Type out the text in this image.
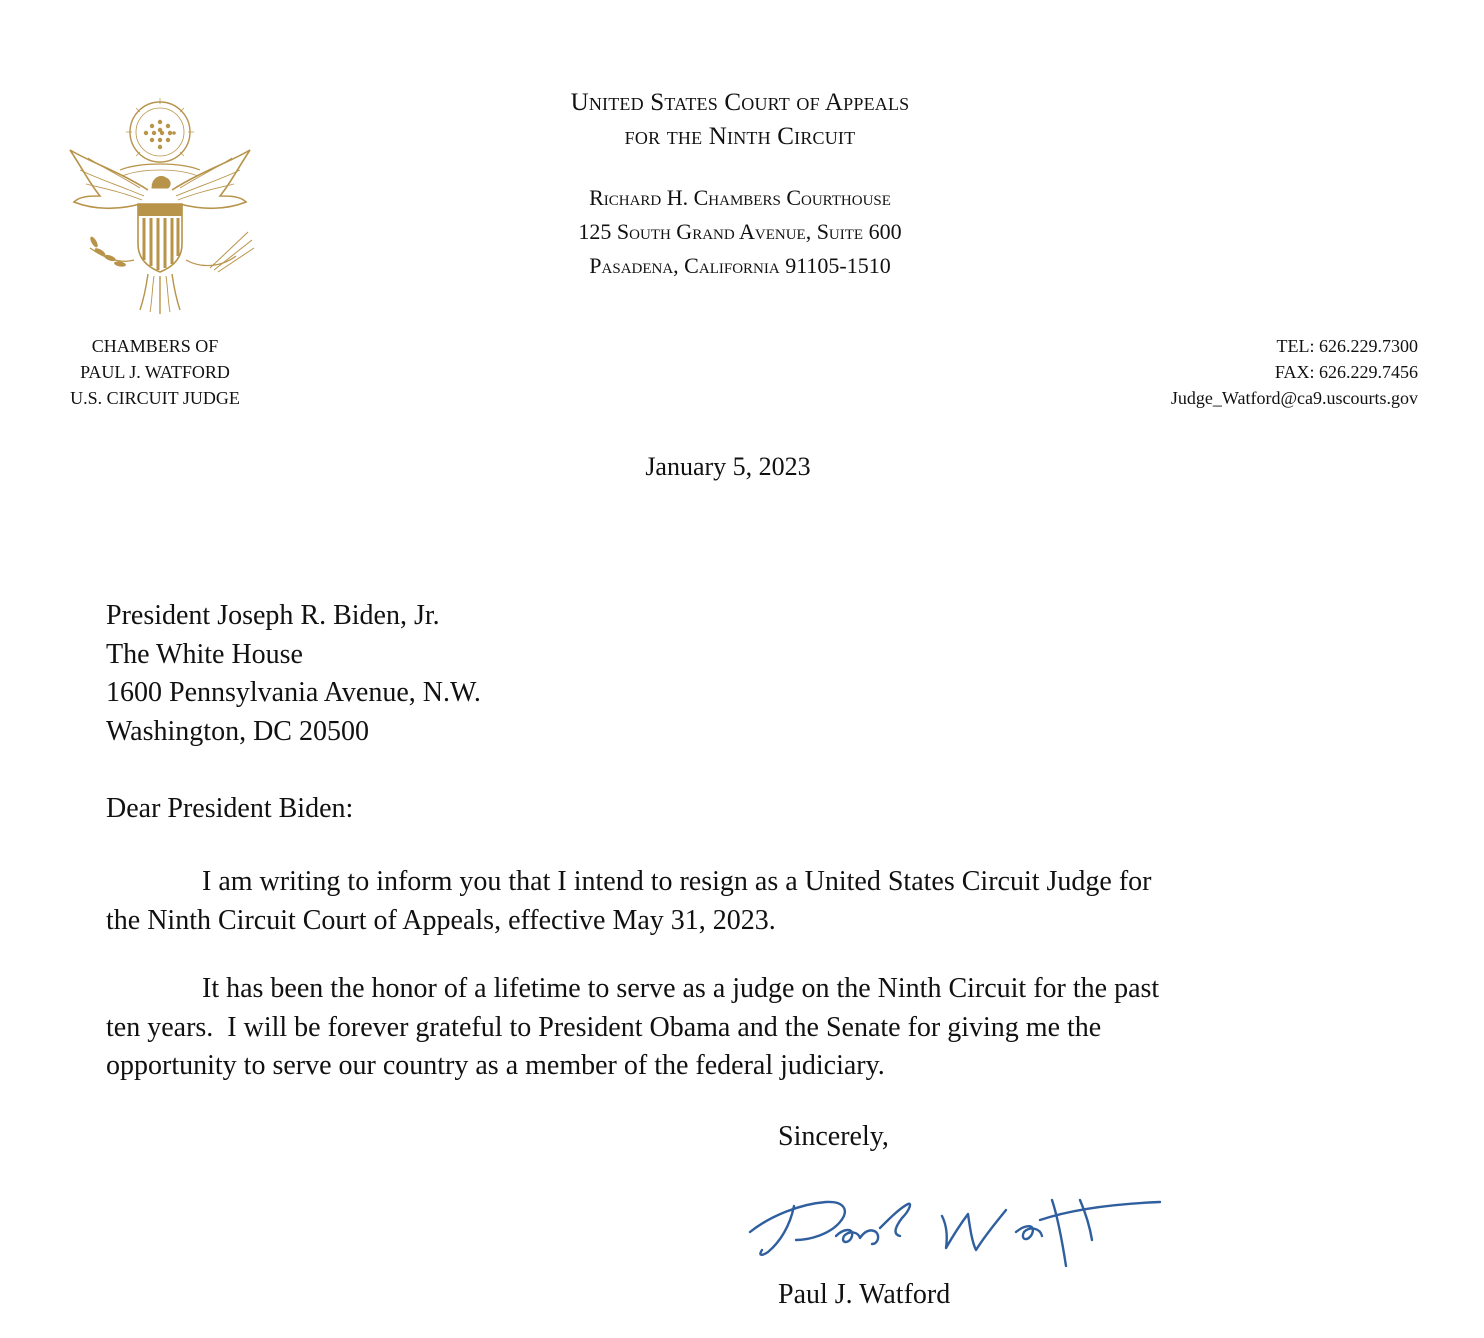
United States Court of Appeals
for the Ninth Circuit
Richard H. Chambers Courthouse
125 South Grand Avenue, Suite 600
Pasadena, California 91105-1510
CHAMBERS OF
PAUL J. WATFORD
U.S. CIRCUIT JUDGE
TEL: 626.229.7300
FAX: 626.229.7456
Judge_Watford@ca9.uscourts.gov
January 5, 2023
President Joseph R. Biden, Jr.
The White House
1600 Pennsylvania Avenue, N.W.
Washington, DC 20500
Dear President Biden:
I am writing to inform you that I intend to resign as a United States Circuit Judge for
the Ninth Circuit Court of Appeals, effective May 31, 2023.
It has been the honor of a lifetime to serve as a judge on the Ninth Circuit for the past
ten years.  I will be forever grateful to President Obama and the Senate for giving me the
opportunity to serve our country as a member of the federal judiciary.
Sincerely,
Paul J. Watford
